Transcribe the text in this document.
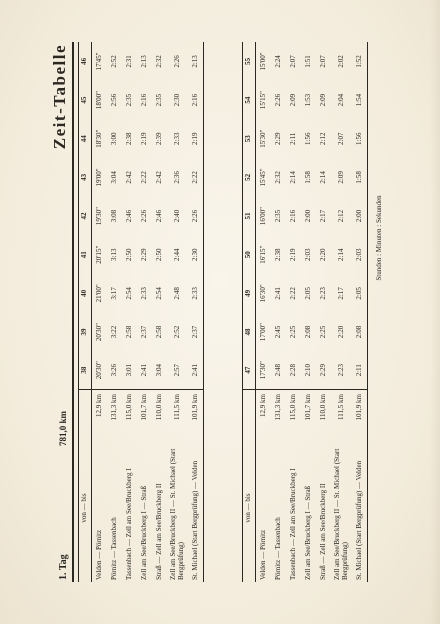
1. Tag
781,0 km
Zeit-Tabelle
von — bis
38
39
40
41
42
43
44
45
46
Velden — Pörnitz
12,9 km
20'30"
20'30"
21'00"
20'15"
19'30"
19'00"
18'30"
18'00"
17'45"
Pörnitz — Tassenbach
131,3 km
3:26
3:22
3:17
3:13
3:08
3:04
3:00
2:56
2:52
Tassenbach — Zell am See/Bruckberg I
115,0 km
3:01
2:58
2:54
2:50
2:46
2:42
2:38
2:35
2:31
Zell am See/Bruckberg I — Straß
101,7 km
2:41
2:37
2:33
2:29
2:26
2:22
2:19
2:16
2:13
Straß — Zell am See/Bruckberg II
110,0 km
3:04
2:58
2:54
2:50
2:46
2:42
2:39
2:35
2:32
Zell am See/Bruckberg II — St. Michael (Start Bergprüfung)
111,5 km
2:57
2:52
2:48
2:44
2:40
2:36
2:33
2:30
2:26
St. Michael (Start Bergprüfung) — Velden
101,9 km
2:41
2:37
2:33
2:30
2:26
2:22
2:19
2:16
2:13
von — bis
47
48
49
50
51
52
53
54
55
Velden — Pörnitz
12,9 km
17'30"
17'00"
16'30"
16'15"
16'00"
15'45"
15'30"
15'15"
15'00"
Pörnitz — Tassenbach
131,3 km
2:48
2:45
2:41
2:38
2:35
2:32
2:29
2:26
2:24
Tassenbach — Zell am See/Bruckberg I
115,0 km
2:28
2:25
2:22
2:19
2:16
2:14
2:11
2:09
2:07
Zell am See/Bruckberg I — Straß
101,7 km
2:10
2:08
2:05
2:03
2:00
1:58
1:56
1:53
1:51
Straß — Zell am See/Bruckberg II
110,0 km
2:29
2:25
2:23
2:20
2:17
2:14
2:12
2:09
2:07
Zell am See/Bruckberg II — St. Michael (Start Bergprüfung)
111,5 km
2:23
2:20
2:17
2:14
2:12
2:09
2:07
2:04
2:02
St. Michael (Start Bergprüfung) — Velden
101,9 km
2:11
2:08
2:05
2:03
2:00
1:58
1:56
1:54
1:52
Stunden : Minuten : Sekunden
